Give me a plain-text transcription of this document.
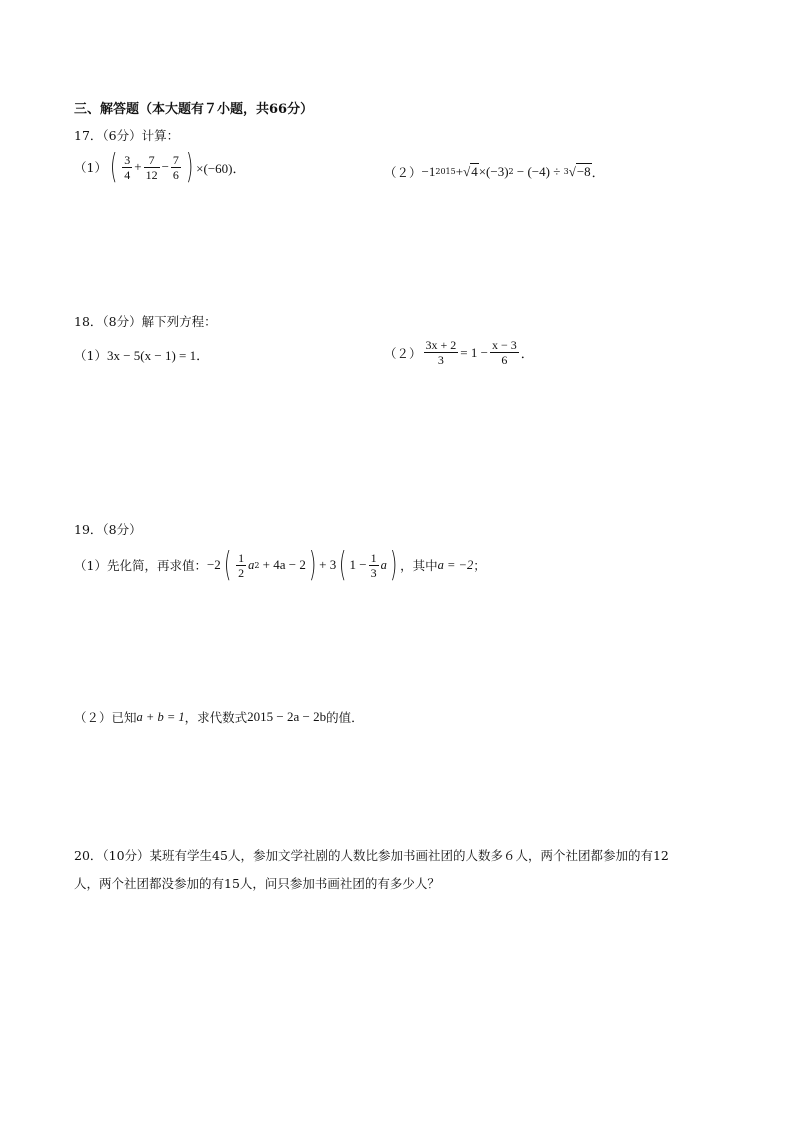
三、解答题（本大题有７小题，共66分）
17．（6分）计算：
（1） ( $\frac{3}{4} + \frac{7}{12} - \frac{7}{6}$ ) ×(−60)．	（２） −1 2015 + √ 4 ×(−3) 2 − (−4) ÷ 3 √ −8 ．
18．（8分）解下列方程：
（1） 3x − 5(x − 1) = 1．	$(2) \frac{3x + 2}{3} = 1 - \frac{x - 3}{6}$ ．
19．（8分）
（1）先化简，再求值： −2 ( $\frac{1}{2}$ a 2 + 4a − 2 ) + 3 ( $1 - \frac{1}{3}$ a ) ，其中 a = −2 ；
（２）已知 a + b = 1 ，求代数式 2015 − 2a − 2b 的值．
20．（10分）某班有学生45人，参加文学社剧的人数比参加书画社团的人数多６人，两个社团都参加的有12
人，两个社团都没参加的有15人，问只参加书画社团的有多少人？
